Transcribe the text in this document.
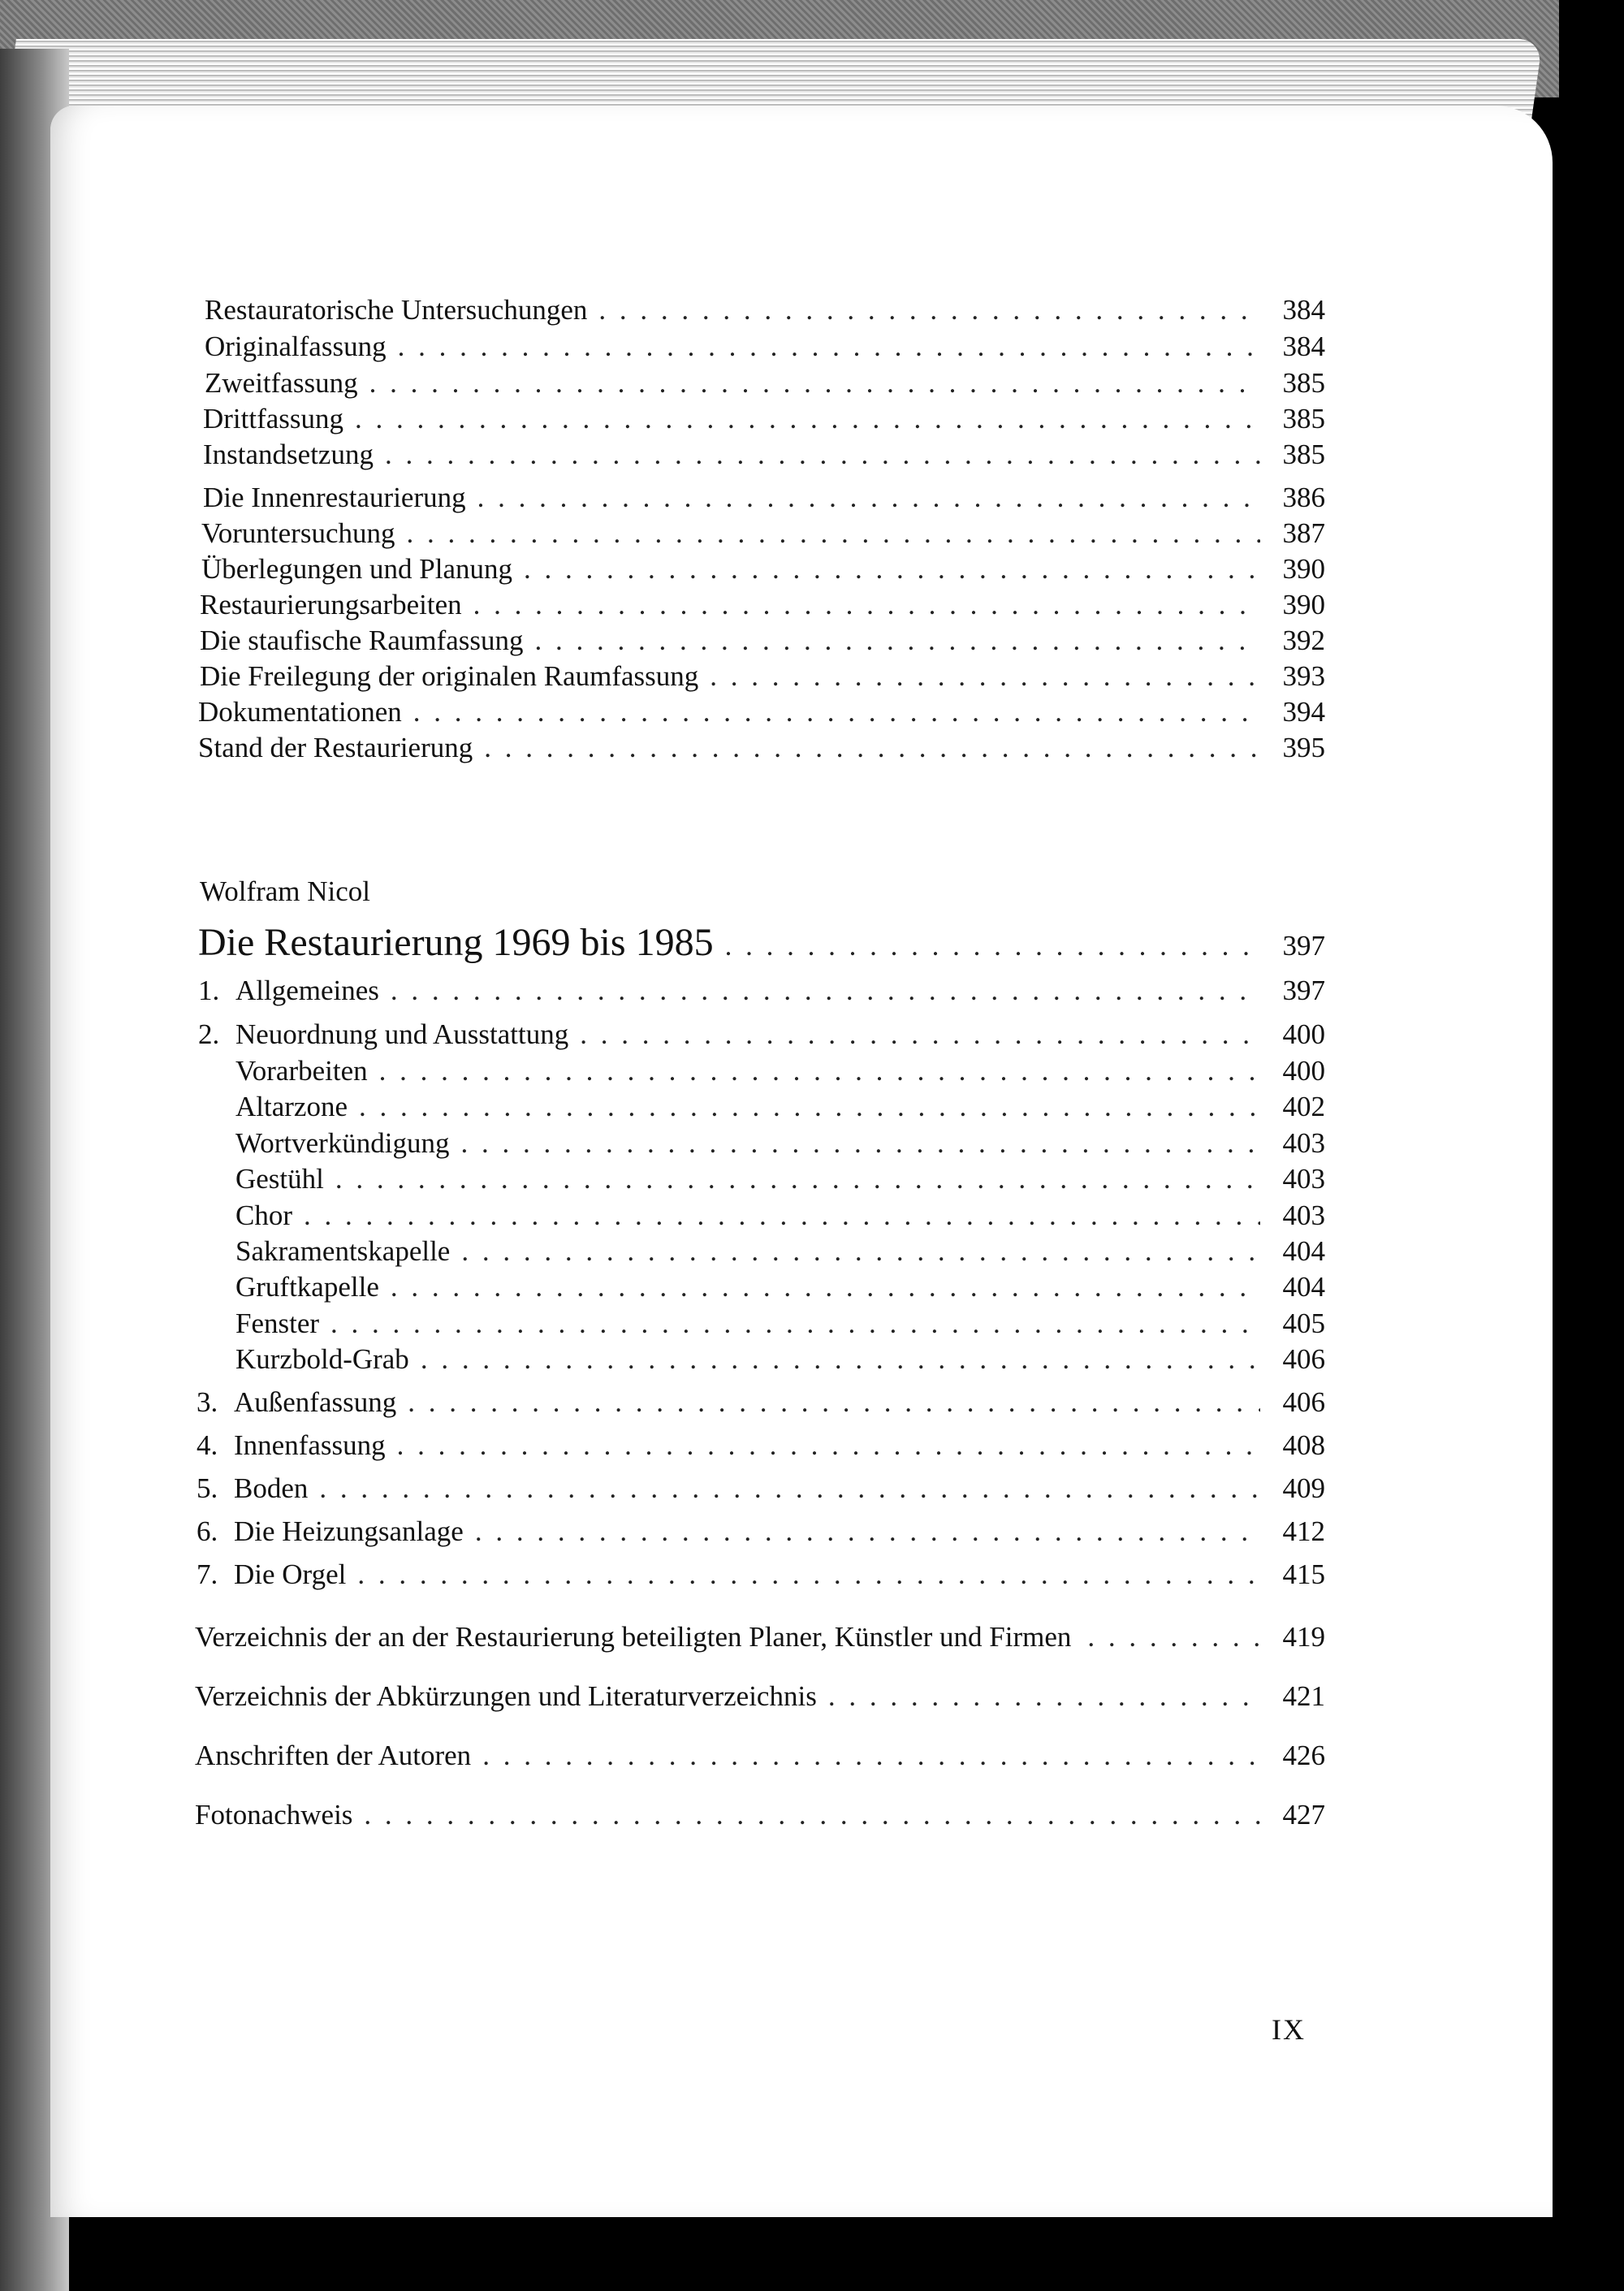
Restauratorische Untersuchungen . . .	384
Originalfassung . . .	384
Zweitfassung . . .	385
Drittfassung . . .	385
Instandsetzung . . .	385
Die Innenrestaurierung . . .	386
Voruntersuchung . . .	387
Überlegungen und Planung . . .	390
Restaurierungsarbeiten . . .	390
Die staufische Raumfassung . . .	392
Die Freilegung der originalen Raumfassung . . .	393
Dokumentationen . . .	394
Stand der Restaurierung . . .	395
Wolfram Nicol
Die Restaurierung 1969 bis 1985 . . .	397
1. Allgemeines . . .	397
2. Neuordnung und Ausstattung . . .	400
Vorarbeiten . . .	400
Altarzone . . .	402
Wortverkündigung . . .	403
Gestühl . . .	403
Chor . . .	403
Sakramentskapelle . . .	404
Gruftkapelle . . .	404
Fenster . . .	405
Kurzbold-Grab . . .	406
3. Außenfassung . . .	406
4. Innenfassung . . .	408
5. Boden . . .	409
6. Die Heizungsanlage . . .	412
7. Die Orgel . . .	415
Verzeichnis der an der Restaurierung beteiligten Planer, Künstler und Firmen . . .	419
Verzeichnis der Abkürzungen und Literaturverzeichnis . . .	421
Anschriften der Autoren . . .	426
Fotonachweis . . .	427
IX
